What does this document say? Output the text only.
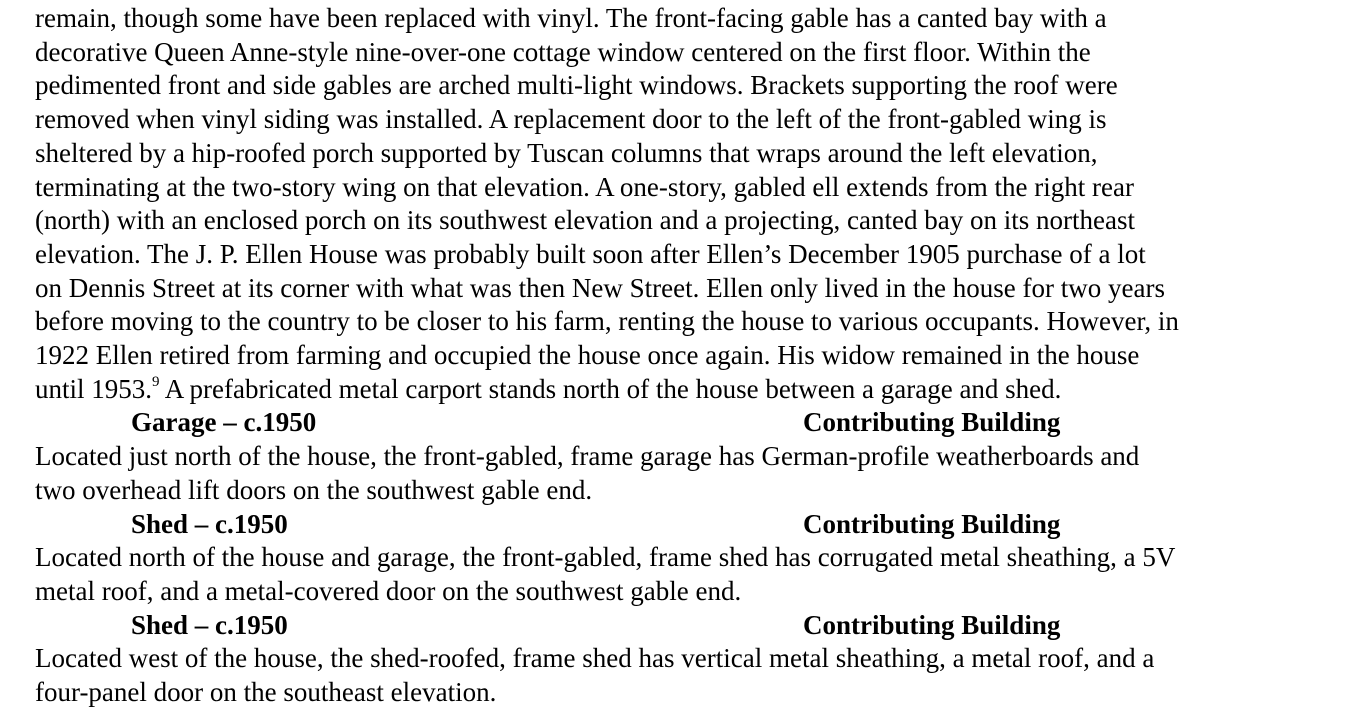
remain, though some have been replaced with vinyl. The front-facing gable has a canted bay with a
decorative Queen Anne-style nine-over-one cottage window centered on the first floor. Within the
pedimented front and side gables are arched multi-light windows. Brackets supporting the roof were
removed when vinyl siding was installed. A replacement door to the left of the front-gabled wing is
sheltered by a hip-roofed porch supported by Tuscan columns that wraps around the left elevation,
terminating at the two-story wing on that elevation. A one-story, gabled ell extends from the right rear
(north) with an enclosed porch on its southwest elevation and a projecting, canted bay on its northeast
elevation. The J. P. Ellen House was probably built soon after Ellen’s December 1905 purchase of a lot
on Dennis Street at its corner with what was then New Street. Ellen only lived in the house for two years
before moving to the country to be closer to his farm, renting the house to various occupants. However, in
1922 Ellen retired from farming and occupied the house once again. His widow remained in the house
until 1953.$^9$ A prefabricated metal carport stands north of the house between a garage and shed.
Garage – c.1950	Contributing Building
Located just north of the house, the front-gabled, frame garage has German-profile weatherboards and
two overhead lift doors on the southwest gable end.
Shed – c.1950	Contributing Building
Located north of the house and garage, the front-gabled, frame shed has corrugated metal sheathing, a 5V
metal roof, and a metal-covered door on the southwest gable end.
Shed – c.1950	Contributing Building
Located west of the house, the shed-roofed, frame shed has vertical metal sheathing, a metal roof, and a
four-panel door on the southeast elevation.
